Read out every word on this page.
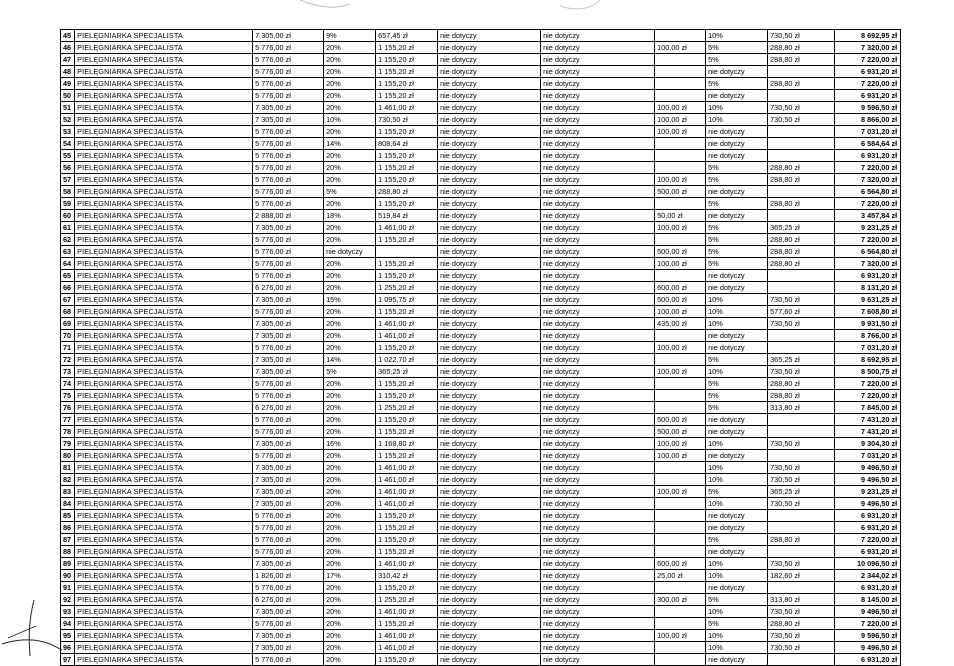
45	PIELĘGNIARKA SPECJALISTA	7 305,00 zł	9%	657,45 zł	nie dotyczy	nie dotyczy		10%	730,50 zł	8 692,95 zł
46	PIELĘGNIARKA SPECJALISTA	5 776,00 zł	20%	1 155,20 zł	nie dotyczy	nie dotyczy	100,00 zł	5%	288,80 zł	7 320,00 zł
47	PIELĘGNIARKA SPECJALISTA	5 776,00 zł	20%	1 155,20 zł	nie dotyczy	nie dotyczy		5%	288,80 zł	7 220,00 zł
48	PIELĘGNIARKA SPECJALISTA	5 776,00 zł	20%	1 155,20 zł	nie dotyczy	nie dotyczy		nie dotyczy		6 931,20 zł
49	PIELĘGNIARKA SPECJALISTA	5 776,00 zł	20%	1 155,20 zł	nie dotyczy	nie dotyczy		5%	288,80 zł	7 220,00 zł
50	PIELĘGNIARKA SPECJALISTA	5 776,00 zł	20%	1 155,20 zł	nie dotyczy	nie dotyczy		nie dotyczy		6 931,20 zł
51	PIELĘGNIARKA SPECJALISTA	7 305,00 zł	20%	1 461,00 zł	nie dotyczy	nie dotyczy	100,00 zł	10%	730,50 zł	9 596,50 zł
52	PIELĘGNIARKA SPECJALISTA	7 305,00 zł	10%	730,50 zł	nie dotyczy	nie dotyczy	100,00 zł	10%	730,50 zł	8 866,00 zł
53	PIELĘGNIARKA SPECJALISTA	5 776,00 zł	20%	1 155,20 zł	nie dotyczy	nie dotyczy	100,00 zł	nie dotyczy		7 031,20 zł
54	PIELĘGNIARKA SPECJALISTA	5 776,00 zł	14%	808,64 zł	nie dotyczy	nie dotyczy		nie dotyczy		6 584,64 zł
55	PIELĘGNIARKA SPECJALISTA	5 776,00 zł	20%	1 155,20 zł	nie dotyczy	nie dotyczy		nie dotyczy		6 931,20 zł
56	PIELĘGNIARKA SPECJALISTA	5 776,00 zł	20%	1 155,20 zł	nie dotyczy	nie dotyczy		5%	288,80 zł	7 220,00 zł
57	PIELĘGNIARKA SPECJALISTA	5 776,00 zł	20%	1 155,20 zł	nie dotyczy	nie dotyczy	100,00 zł	5%	288,80 zł	7 320,00 zł
58	PIELĘGNIARKA SPECJALISTA	5 776,00 zł	5%	288,80 zł	nie dotyczy	nie dotyczy	500,00 zł	nie dotyczy		6 564,80 zł
59	PIELĘGNIARKA SPECJALISTA	5 776,00 zł	20%	1 155,20 zł	nie dotyczy	nie dotyczy		5%	288,80 zł	7 220,00 zł
60	PIELĘGNIARKA SPECJALISTA	2 888,00 zł	18%	519,84 zł	nie dotyczy	nie dotyczy	50,00 zł	nie dotyczy		3 457,84 zł
61	PIELĘGNIARKA SPECJALISTA	7 305,00 zł	20%	1 461,00 zł	nie dotyczy	nie dotyczy	100,00 zł	5%	365,25 zł	9 231,25 zł
62	PIELĘGNIARKA SPECJALISTA	5 776,00 zł	20%	1 155,20 zł	nie dotyczy	nie dotyczy		5%	288,80 zł	7 220,00 zł
63	PIELĘGNIARKA SPECJALISTA	5 776,00 zł	nie dotyczy		nie dotyczy	nie dotyczy	500,00 zł	5%	288,80 zł	6 564,80 zł
64	PIELĘGNIARKA SPECJALISTA	5 776,00 zł	20%	1 155,20 zł	nie dotyczy	nie dotyczy	100,00 zł	5%	288,80 zł	7 320,00 zł
65	PIELĘGNIARKA SPECJALISTA	5 776,00 zł	20%	1 155,20 zł	nie dotyczy	nie dotyczy		nie dotyczy		6 931,20 zł
66	PIELĘGNIARKA SPECJALISTA	6 276,00 zł	20%	1 255,20 zł	nie dotyczy	nie dotyczy	600,00 zł	nie dotyczy		8 131,20 zł
67	PIELĘGNIARKA SPECJALISTA	7 305,00 zł	15%	1 095,75 zł	nie dotyczy	nie dotyczy	500,00 zł	10%	730,50 zł	9 631,25 zł
68	PIELĘGNIARKA SPECJALISTA	5 776,00 zł	20%	1 155,20 zł	nie dotyczy	nie dotyczy	100,00 zł	10%	577,60 zł	7 608,80 zł
69	PIELĘGNIARKA SPECJALISTA	7 305,00 zł	20%	1 461,00 zł	nie dotyczy	nie dotyczy	435,00 zł	10%	730,50 zł	9 931,50 zł
70	PIELĘGNIARKA SPECJALISTA	7 305,00 zł	20%	1 461,00 zł	nie dotyczy	nie dotyczy		nie dotyczy		8 766,00 zł
71	PIELĘGNIARKA SPECJALISTA	5 776,00 zł	20%	1 155,20 zł	nie dotyczy	nie dotyczy	100,00 zł	nie dotyczy		7 031,20 zł
72	PIELĘGNIARKA SPECJALISTA	7 305,00 zł	14%	1 022,70 zł	nie dotyczy	nie dotyczy		5%	365,25 zł	8 692,95 zł
73	PIELĘGNIARKA SPECJALISTA	7 305,00 zł	5%	365,25 zł	nie dotyczy	nie dotyczy	100,00 zł	10%	730,50 zł	8 500,75 zł
74	PIELĘGNIARKA SPECJALISTA	5 776,00 zł	20%	1 155,20 zł	nie dotyczy	nie dotyczy		5%	288,80 zł	7 220,00 zł
75	PIELĘGNIARKA SPECJALISTA	5 776,00 zł	20%	1 155,20 zł	nie dotyczy	nie dotyczy		5%	288,80 zł	7 220,00 zł
76	PIELĘGNIARKA SPECJALISTA	6 276,00 zł	20%	1 255,20 zł	nie dotyczy	nie dotyczy		5%	313,80 zł	7 845,00 zł
77	PIELĘGNIARKA SPECJALISTA	5 776,00 zł	20%	1 155,20 zł	nie dotyczy	nie dotyczy	500,00 zł	nie dotyczy		7 431,20 zł
78	PIELĘGNIARKA SPECJALISTA	5 776,00 zł	20%	1 155,20 zł	nie dotyczy	nie dotyczy	500,00 zł	nie dotyczy		7 431,20 zł
79	PIELĘGNIARKA SPECJALISTA	7 305,00 zł	16%	1 168,80 zł	nie dotyczy	nie dotyczy	100,00 zł	10%	730,50 zł	9 304,30 zł
80	PIELĘGNIARKA SPECJALISTA	5 776,00 zł	20%	1 155,20 zł	nie dotyczy	nie dotyczy	100,00 zł	nie dotyczy		7 031,20 zł
81	PIELĘGNIARKA SPECJALISTA	7 305,00 zł	20%	1 461,00 zł	nie dotyczy	nie dotyczy		10%	730,50 zł	9 496,50 zł
82	PIELĘGNIARKA SPECJALISTA	7 305,00 zł	20%	1 461,00 zł	nie dotyczy	nie dotyczy		10%	730,50 zł	9 496,50 zł
83	PIELĘGNIARKA SPECJALISTA	7 305,00 zł	20%	1 461,00 zł	nie dotyczy	nie dotyczy	100,00 zł	5%	365,25 zł	9 231,25 zł
84	PIELĘGNIARKA SPECJALISTA	7 305,00 zł	20%	1 461,00 zł	nie dotyczy	nie dotyczy		10%	730,50 zł	9 496,50 zł
85	PIELĘGNIARKA SPECJALISTA	5 776,00 zł	20%	1 155,20 zł	nie dotyczy	nie dotyczy		nie dotyczy		6 931,20 zł
86	PIELĘGNIARKA SPECJALISTA	5 776,00 zł	20%	1 155,20 zł	nie dotyczy	nie dotyczy		nie dotyczy		6 931,20 zł
87	PIELĘGNIARKA SPECJALISTA	5 776,00 zł	20%	1 155,20 zł	nie dotyczy	nie dotyczy		5%	288,80 zł	7 220,00 zł
88	PIELĘGNIARKA SPECJALISTA	5 776,00 zł	20%	1 155,20 zł	nie dotyczy	nie dotyczy		nie dotyczy		6 931,20 zł
89	PIELĘGNIARKA SPECJALISTA	7 305,00 zł	20%	1 461,00 zł	nie dotyczy	nie dotyczy	600,00 zł	10%	730,50 zł	10 096,50 zł
90	PIELĘGNIARKA SPECJALISTA	1 826,00 zł	17%	310,42 zł	nie dotyczy	nie dotyczy	25,00 zł	10%	182,60 zł	2 344,02 zł
91	PIELĘGNIARKA SPECJALISTA	5 776,00 zł	20%	1 155,20 zł	nie dotyczy	nie dotyczy		nie dotyczy		6 931,20 zł
92	PIELĘGNIARKA SPECJALISTA	6 276,00 zł	20%	1 255,20 zł	nie dotyczy	nie dotyczy	300,00 zł	5%	313,80 zł	8 145,00 zł
93	PIELĘGNIARKA SPECJALISTA	7 305,00 zł	20%	1 461,00 zł	nie dotyczy	nie dotyczy		10%	730,50 zł	9 496,50 zł
94	PIELĘGNIARKA SPECJALISTA	5 776,00 zł	20%	1 155,20 zł	nie dotyczy	nie dotyczy		5%	288,80 zł	7 220,00 zł
95	PIELĘGNIARKA SPECJALISTA	7 305,00 zł	20%	1 461,00 zł	nie dotyczy	nie dotyczy	100,00 zł	10%	730,50 zł	9 596,50 zł
96	PIELĘGNIARKA SPECJALISTA	7 305,00 zł	20%	1 461,00 zł	nie dotyczy	nie dotyczy		10%	730,50 zł	9 496,50 zł
97	PIELĘGNIARKA SPECJALISTA	5 776,00 zł	20%	1 155,20 zł	nie dotyczy	nie dotyczy		nie dotyczy		6 931,20 zł
